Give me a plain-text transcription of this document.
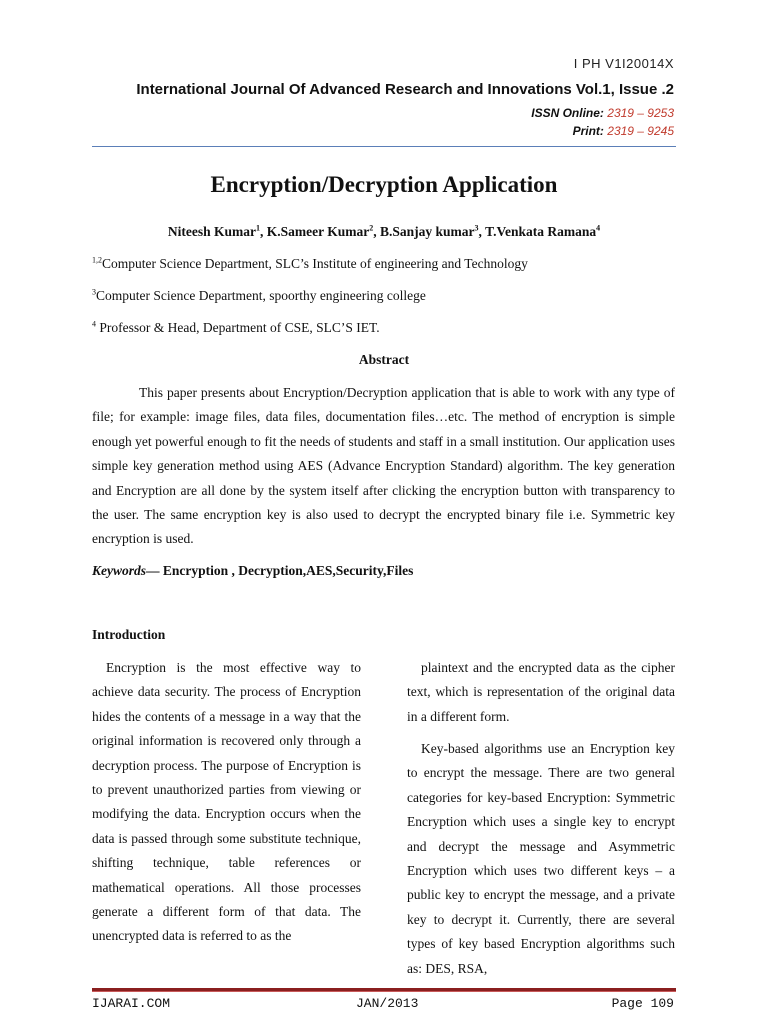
I PH V1I20014X
International Journal Of Advanced Research and Innovations Vol.1, Issue .2
ISSN Online: 2319 – 9253
Print: 2319 – 9245
Encryption/Decryption Application
Niteesh Kumar$^1$, K.Sameer Kumar$^2$, B.Sanjay kumar$^3$, T.Venkata Ramana$^4$
$^{1,2}$Computer Science Department, SLC’s Institute of engineering and Technology
$^3$Computer Science Department, spoorthy engineering college
$^4$ Professor & Head, Department of CSE, SLC’S IET.
Abstract

This paper presents about Encryption/Decryption application that is able to work with any type of file; for example: image files, data files, documentation files…etc. The method of encryption is simple enough yet powerful enough to fit the needs of students and staff in a small institution. Our application uses simple key generation method using AES (Advance Encryption Standard) algorithm. The key generation and Encryption are all done by the system itself after clicking the encryption button with transparency to the user. The same encryption key is also used to decrypt the encrypted binary file i.e. Symmetric key encryption is used.

Keywords— Encryption , Decryption,AES,Security,Files
Introduction

Encryption is the most effective way to achieve data security. The process of Encryption hides the contents of a message in a way that the original information is recovered only through a decryption process. The purpose of Encryption is to prevent unauthorized parties from viewing or modifying the data. Encryption occurs when the data is passed through some substitute technique, shifting technique, table references or mathematical operations. All those processes generate a different form of that data. The unencrypted data is referred to as the

plaintext and the encrypted data as the cipher text, which is representation of the original data in a different form.

Key-based algorithms use an Encryption key to encrypt the message. There are two general categories for key-based Encryption: Symmetric Encryption which uses a single key to encrypt and decrypt the message and Asymmetric Encryption which uses two different keys – a public key to encrypt the message, and a private key to decrypt it. Currently, there are several types of key based Encryption algorithms such as: DES, RSA,

IJARAI.COM	JAN/2013	Page 109
